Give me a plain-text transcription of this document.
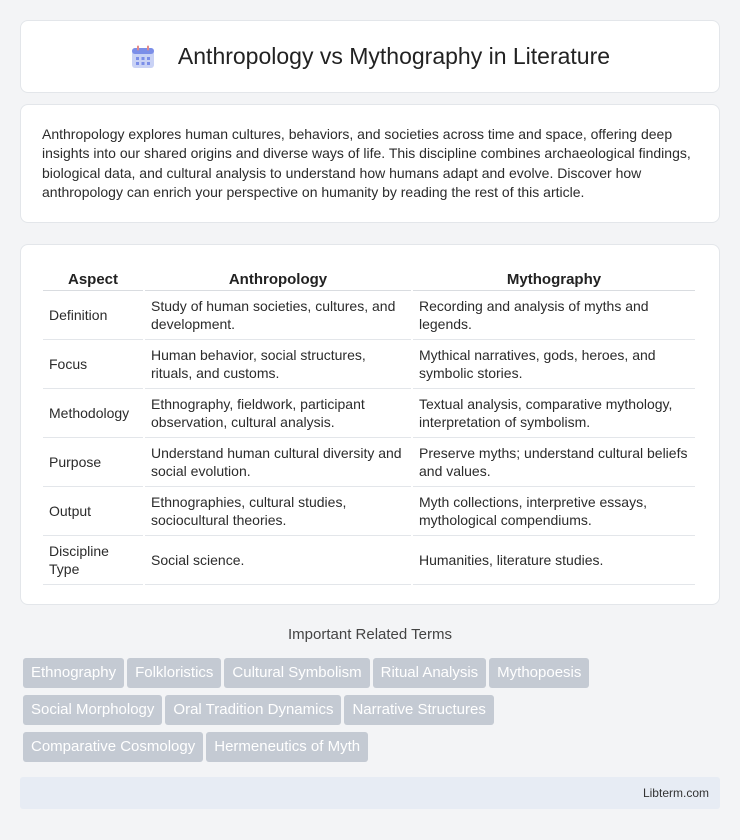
Anthropology vs Mythography in Literature

Anthropology explores human cultures, behaviors, and societies across time and space, offering deep insights into our shared origins and diverse ways of life. This discipline combines archaeological findings, biological data, and cultural analysis to understand how humans adapt and evolve. Discover how anthropology can enrich your perspective on humanity by reading the rest of this article.

Aspect	Anthropology	Mythography
Definition	Study of human societies, cultures, and development.	Recording and analysis of myths and legends.
Focus	Human behavior, social structures, rituals, and customs.	Mythical narratives, gods, heroes, and symbolic stories.
Methodology	Ethnography, fieldwork, participant observation, cultural analysis.	Textual analysis, comparative mythology, interpretation of symbolism.
Purpose	Understand human cultural diversity and social evolution.	Preserve myths; understand cultural beliefs and values.
Output	Ethnographies, cultural studies, sociocultural theories.	Myth collections, interpretive essays, mythological compendiums.
Discipline Type	Social science.	Humanities, literature studies.
Important Related Terms
Ethnography Folkloristics Cultural Symbolism Ritual Analysis Mythopoesis
Social Morphology Oral Tradition Dynamics Narrative Structures
Comparative Cosmology Hermeneutics of Myth
Libterm.com
